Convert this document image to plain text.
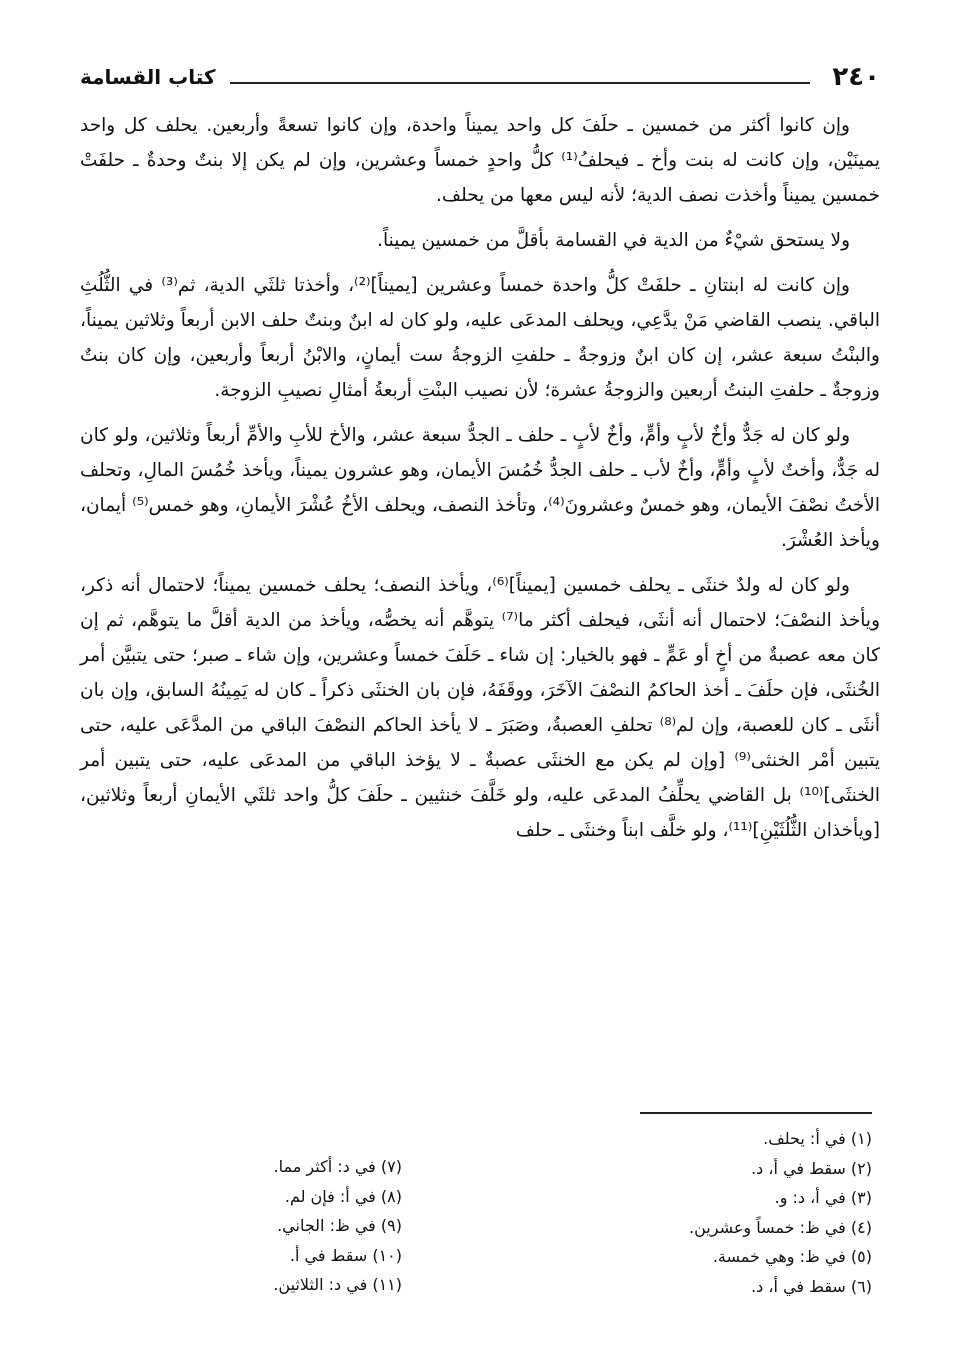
٢٤٠
كتاب القسامة

وإن كانوا أكثر من خمسين ـ حلَفَ كل واحد يميناً واحدة، وإن كانوا تسعةً وأربعين. يحلف كل واحد يمينَيْن، وإن كانت له بنت وأخ ـ فيحلفُ⁽¹⁾ كلُّ واحدٍ خمساً وعشرين، وإن لم يكن إلا بنتٌ وحدةٌ ـ حلفَتْ خمسين يميناً وأخذت نصف الدية؛ لأنه ليس معها من يحلف.

ولا يستحق شيْءٌ من الدية في القسامة بأقلَّ من خمسين يميناً.

وإن كانت له ابنتانِ ـ حلفَتْ كلُّ واحدة خمساً وعشرين [يميناً]⁽²⁾، وأخذتا ثلثَي الدية، ثم⁽³⁾ في الثُّلُثِ الباقي. ينصب القاضي مَنْ يدَّعِي، ويحلف المدعَى عليه، ولو كان له ابنٌ وبنتٌ حلف الابن أربعاً وثلاثين يميناً، والبنْتُ سبعة عشر، إن كان ابنٌ وزوجةٌ ـ حلفتِ الزوجةُ ست أيمانٍ، والابْنُ أربعاً وأربعين، وإن كان بنتٌ وزوجةٌ ـ حلفتِ البنتُ أربعين والزوجةُ عشرة؛ لأن نصيب البنْتِ أربعةُ أمثالِ نصيبِ الزوجة.

ولو كان له جَدٌّ وأخٌ لأبٍ وأمٍّ، وأخٌ لأبٍ ـ حلف ـ الجدُّ سبعة عشر، والأخ للأبِ والأمِّ أربعاً وثلاثين، ولو كان له جَدٌّ، وأختٌ لأبٍ وأمٍّ، وأخٌ لأب ـ حلف الجدُّ خُمُسَ الأيمان، وهو عشرون يميناً، ويأخذ خُمُسَ المالِ، وتحلف الأختُ نصْفَ الأيمان، وهو خمسٌ وعشرونَ⁽⁴⁾، وتأخذ النصف، ويحلف الأخُ عُشْرَ الأيمانِ، وهو خمس⁽⁵⁾ أيمان، ويأخذ العُشْرَ.

ولو كان له ولدٌ خنثَى ـ يحلف خمسين [يميناً]⁽⁶⁾، ويأخذ النصف؛ يحلف خمسين يميناً؛ لاحتمال أنه ذكر، ويأخذ النصْفَ؛ لاحتمال أنه أنثَى، فيحلف أكثر ما⁽⁷⁾ يتوهَّم أنه يخصُّه، ويأخذ من الدية أقلَّ ما يتوهَّم، ثم إن كان معه عصبةٌ من أخٍ أو عَمٍّ ـ فهو بالخيار: إن شاء ـ حَلَفَ خمساً وعشرين، وإن شاء ـ صبر؛ حتى يتبيَّن أمر الخُنثَى، فإن حلَفَ ـ أخذ الحاكمُ النصْفَ الآخَرَ، ووقَفَهُ، فإن بان الخنثَى ذكراً ـ كان له يَمِينُهُ السابق، وإن بان أنثَى ـ كان للعصبة، وإن لم⁽⁸⁾ تحلفِ العصبةُ، وصَبَرَ ـ لا يأخذ الحاكم النصْفَ الباقي من المدَّعَى عليه، حتى يتبين أمْر الخنثى⁽⁹⁾ [وإن لم يكن مع الخنثَى عصبةٌ ـ لا يؤخذ الباقي من المدعَى عليه، حتى يتبين أمر الخنثَى]⁽¹⁰⁾ بل القاضي يحلِّفُ المدعَى عليه، ولو خَلَّفَ خنثيين ـ حلَفَ كلُّ واحد ثلثَي الأيمانِ أربعاً وثلاثين، [ويأخذان الثُّلُثَيْنِ]⁽¹¹⁾، ولو خلَّف ابناً وخنثَى ـ حلف

(١) في أ: يحلف.
(٢) سقط في أ، د.
(٣) في أ، د: و.
(٤) في ظ: خمساً وعشرين.
(٥) في ظ: وهي خمسة.
(٦) سقط في أ، د.
(٧) في د: أكثر مما.
(٨) في أ: فإن لم.
(٩) في ظ: الجاني.
(١٠) سقط في أ.
(١١) في د: الثلاثين.
